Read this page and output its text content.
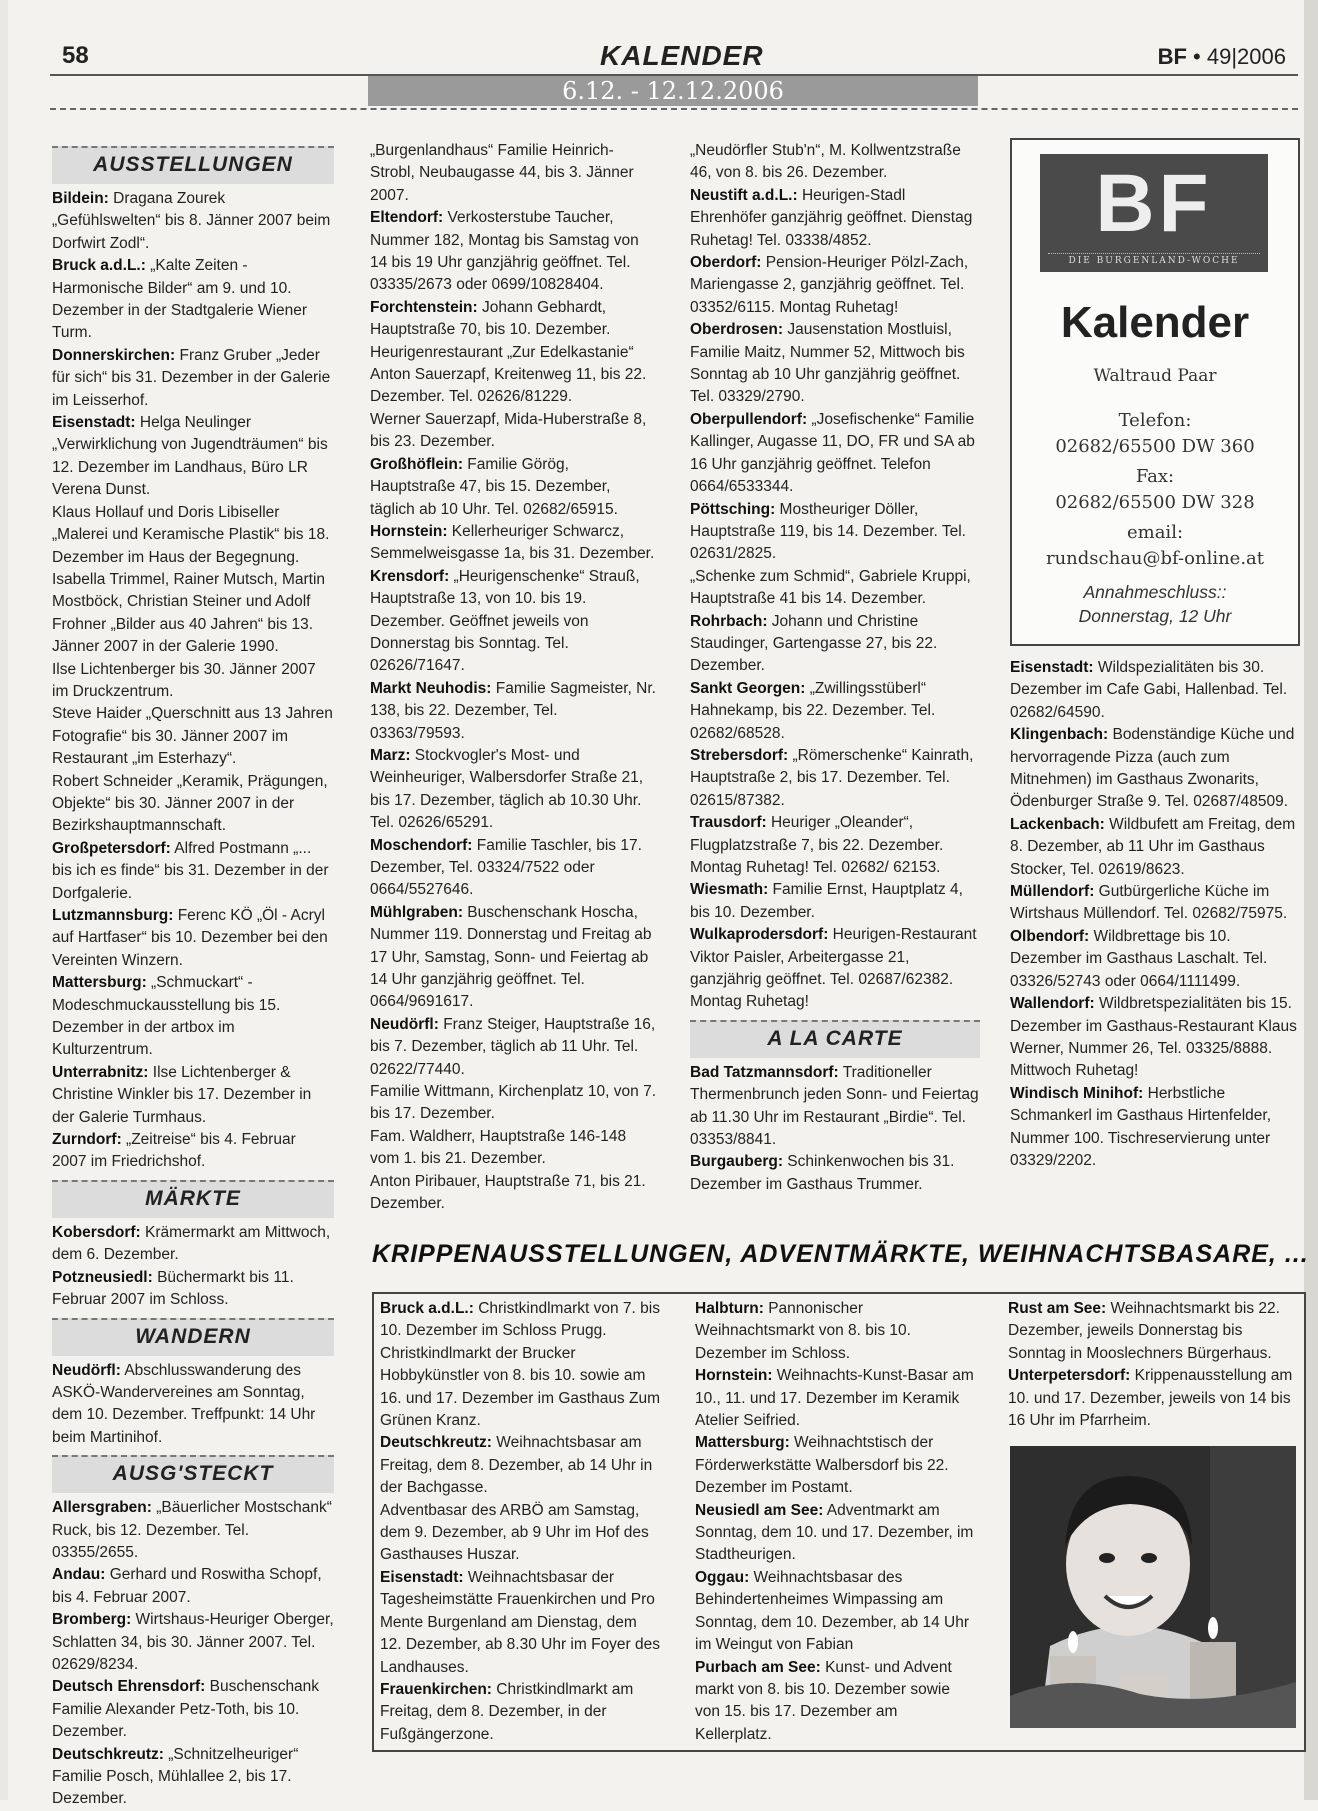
58	KALENDER	BF • 49|2006
6.12. - 12.12.2006
AUSSTELLUNGEN

Bildein: Dragana Zourek „Gefühlswelten“ bis 8. Jänner 2007 beim Dorfwirt Zodl“.

Bruck a.d.L.: „Kalte Zeiten - Harmonische Bilder“ am 9. und 10. Dezember in der Stadtgalerie Wiener Turm.

Donnerskirchen: Franz Gruber „Jeder für sich“ bis 31. Dezember in der Galerie im Leisserhof.

Eisenstadt: Helga Neulinger „Verwirklichung von Jugendträumen“ bis 12. Dezember im Landhaus, Büro LR Verena Dunst.

Klaus Hollauf und Doris Libiseller „Malerei und Keramische Plastik“ bis 18. Dezember im Haus der Begegnung.

Isabella Trimmel, Rainer Mutsch, Martin Mostböck, Christian Steiner und Adolf Frohner „Bilder aus 40 Jahren“ bis 13. Jänner 2007 in der Galerie 1990.

Ilse Lichtenberger bis 30. Jänner 2007 im Druckzentrum.

Steve Haider „Querschnitt aus 13 Jahren Fotografie“ bis 30. Jänner 2007 im Restaurant „im Esterhazy“.

Robert Schneider „Keramik, Prägungen, Objekte“ bis 30. Jänner 2007 in der Bezirkshauptmannschaft.

Großpetersdorf: Alfred Postmann „... bis ich es finde“ bis 31. Dezember in der Dorfgalerie.

Lutzmannsburg: Ferenc KÖ „Öl - Acryl auf Hartfaser“ bis 10. Dezember bei den Vereinten Winzern.

Mattersburg: „Schmuckart“ - Modeschmuckausstellung bis 15. Dezember in der artbox im Kulturzentrum.

Unterrabnitz: Ilse Lichtenberger & Christine Winkler bis 17. Dezember in der Galerie Turmhaus.

Zurndorf: „Zeitreise“ bis 4. Februar 2007 im Friedrichshof.

MÄRKTE

Kobersdorf: Krämermarkt am Mittwoch, dem 6. Dezember.

Potzneusiedl: Büchermarkt bis 11. Februar 2007 im Schloss.

WANDERN

Neudörfl: Abschlusswanderung des ASKÖ-Wandervereines am Sonntag, dem 10. Dezember. Treffpunkt: 14 Uhr beim Martinihof.

AUSG'STECKT

Allersgraben: „Bäuerlicher Mostschank“ Ruck, bis 12. Dezember. Tel. 03355/2655.

Andau: Gerhard und Roswitha Schopf, bis 4. Februar 2007.

Bromberg: Wirtshaus-Heuriger Oberger, Schlatten 34, bis 30. Jänner 2007. Tel. 02629/8234.

Deutsch Ehrensdorf: Buschenschank Familie Alexander Petz-Toth, bis 10. Dezember.

Deutschkreutz: „Schnitzelheuriger“ Familie Posch, Mühlallee 2, bis 17. Dezember.

„Burgenlandhaus“ Familie Heinrich-Strobl, Neubaugasse 44, bis 3. Jänner 2007.

Eltendorf: Verkosterstube Taucher, Nummer 182, Montag bis Samstag von 14 bis 19 Uhr ganzjährig geöffnet. Tel. 03335/2673 oder 0699/10828404.

Forchtenstein: Johann Gebhardt, Hauptstraße 70, bis 10. Dezember.

Heurigenrestaurant „Zur Edelkastanie“ Anton Sauerzapf, Kreitenweg 11, bis 22. Dezember. Tel. 02626/81229.

Werner Sauerzapf, Mida-Huberstraße 8, bis 23. Dezember.

Großhöflein: Familie Görög, Hauptstraße 47, bis 15. Dezember, täglich ab 10 Uhr. Tel. 02682/65915.

Hornstein: Kellerheuriger Schwarcz, Semmelweisgasse 1a, bis 31. Dezember.

Krensdorf: „Heurigenschenke“ Strauß, Hauptstraße 13, von 10. bis 19. Dezember. Geöffnet jeweils von Donnerstag bis Sonntag. Tel. 02626/71647.

Markt Neuhodis: Familie Sagmeister, Nr. 138, bis 22. Dezember, Tel. 03363/79593.

Marz: Stockvogler's Most- und Weinheuriger, Walbersdorfer Straße 21, bis 17. Dezember, täglich ab 10.30 Uhr. Tel. 02626/65291.

Moschendorf: Familie Taschler, bis 17. Dezember, Tel. 03324/7522 oder 0664/5527646.

Mühlgraben: Buschenschank Hoscha, Nummer 119. Donnerstag und Freitag ab 17 Uhr, Samstag, Sonn- und Feiertag ab 14 Uhr ganzjährig geöffnet. Tel. 0664/9691617.

Neudörfl: Franz Steiger, Hauptstraße 16, bis 7. Dezember, täglich ab 11 Uhr. Tel. 02622/77440.

Familie Wittmann, Kirchenplatz 10, von 7. bis 17. Dezember.

Fam. Waldherr, Hauptstraße 146-148 vom 1. bis 21. Dezember.

Anton Piribauer, Hauptstraße 71, bis 21. Dezember.

„Neudörfler Stub'n“, M. Kollwentzstraße 46, von 8. bis 26. Dezember.

Neustift a.d.L.: Heurigen-Stadl Ehrenhöfer ganzjährig geöffnet. Dienstag Ruhetag! Tel. 03338/4852.

Oberdorf: Pension-Heuriger Pölzl-Zach, Mariengasse 2, ganzjährig geöffnet. Tel. 03352/6115. Montag Ruhetag!

Oberdrosen: Jausenstation Mostluisl, Familie Maitz, Nummer 52, Mittwoch bis Sonntag ab 10 Uhr ganzjährig geöffnet. Tel. 03329/2790.

Oberpullendorf: „Josefischenke“ Familie Kallinger, Augasse 11, DO, FR und SA ab 16 Uhr ganzjährig geöffnet. Telefon 0664/6533344.

Pöttsching: Mostheuriger Döller, Hauptstraße 119, bis 14. Dezember. Tel. 02631/2825.

„Schenke zum Schmid“, Gabriele Kruppi, Hauptstraße 41 bis 14. Dezember.

Rohrbach: Johann und Christine Staudinger, Gartengasse 27, bis 22. Dezember.

Sankt Georgen: „Zwillingsstüberl“ Hahnekamp, bis 22. Dezember. Tel. 02682/68528.

Strebersdorf: „Römerschenke“ Kainrath, Hauptstraße 2, bis 17. Dezember. Tel. 02615/87382.

Trausdorf: Heuriger „Oleander“, Flugplatzstraße 7, bis 22. Dezember. Montag Ruhetag! Tel. 02682/ 62153.

Wiesmath: Familie Ernst, Hauptplatz 4, bis 10. Dezember.

Wulkaprodersdorf: Heurigen-Restaurant Viktor Paisler, Arbeitergasse 21, ganzjährig geöffnet. Tel. 02687/62382. Montag Ruhetag!

A LA CARTE

Bad Tatzmannsdorf: Traditioneller Thermenbrunch jeden Sonn- und Feiertag ab 11.30 Uhr im Restaurant „Birdie“. Tel. 03353/8841.

Burgauberg: Schinkenwochen bis 31. Dezember im Gasthaus Trummer.

BF
DIE BURGENLAND-WOCHE
Kalender
Waltraud Paar
Telefon:
02682/65500 DW 360
Fax:
02682/65500 DW 328
email:
rundschau@bf-online.at
Annahmeschluss::
Donnerstag, 12 Uhr

Eisenstadt: Wildspezialitäten bis 30. Dezember im Cafe Gabi, Hallenbad. Tel. 02682/64590.

Klingenbach: Bodenständige Küche und hervorragende Pizza (auch zum Mitnehmen) im Gasthaus Zwonarits, Ödenburger Straße 9. Tel. 02687/48509.

Lackenbach: Wildbufett am Freitag, dem 8. Dezember, ab 11 Uhr im Gasthaus Stocker, Tel. 02619/8623.

Müllendorf: Gutbürgerliche Küche im Wirtshaus Müllendorf. Tel. 02682/75975.

Olbendorf: Wildbrettage bis 10. Dezember im Gasthaus Laschalt. Tel. 03326/52743 oder 0664/1111499.

Wallendorf: Wildbretspezialitäten bis 15. Dezember im Gasthaus-Restaurant Klaus Werner, Nummer 26, Tel. 03325/8888. Mittwoch Ruhetag!

Windisch Minihof: Herbstliche Schmankerl im Gasthaus Hirtenfelder, Nummer 100. Tischreservierung unter 03329/2202.

KRIPPENAUSSTELLUNGEN, ADVENTMÄRKTE, WEIHNACHTSBASARE, ...

Bruck a.d.L.: Christkindlmarkt von 7. bis 10. Dezember im Schloss Prugg.

Christkindlmarkt der Brucker Hobbykünstler von 8. bis 10. sowie am 16. und 17. Dezember im Gasthaus Zum Grünen Kranz.

Deutschkreutz: Weihnachtsbasar am Freitag, dem 8. Dezember, ab 14 Uhr in der Bachgasse.

Adventbasar des ARBÖ am Samstag, dem 9. Dezember, ab 9 Uhr im Hof des Gasthauses Huszar.

Eisenstadt: Weihnachtsbasar der Tagesheimstätte Frauenkirchen und Pro Mente Burgenland am Dienstag, dem 12. Dezember, ab 8.30 Uhr im Foyer des Landhauses.

Frauenkirchen: Christkindlmarkt am Freitag, dem 8. Dezember, in der Fußgängerzone.

Halbturn: Pannonischer Weihnachtsmarkt von 8. bis 10. Dezember im Schloss.

Hornstein: Weihnachts-Kunst-Basar am 10., 11. und 17. Dezember im Keramik Atelier Seifried.

Mattersburg: Weihnachtstisch der Förderwerkstätte Walbersdorf bis 22. Dezember im Postamt.

Neusiedl am See: Adventmarkt am Sonntag, dem 10. und 17. Dezember, im Stadtheurigen.

Oggau: Weihnachtsbasar des Behindertenheimes Wimpassing am Sonntag, dem 10. Dezember, ab 14 Uhr im Weingut von Fabian

Purbach am See: Kunst- und Advent markt von 8. bis 10. Dezember sowie von 15. bis 17. Dezember am Kellerplatz.

Rust am See: Weihnachtsmarkt bis 22. Dezember, jeweils Donnerstag bis Sonntag in Mooslechners Bürgerhaus.

Unterpetersdorf: Krippenausstellung am 10. und 17. Dezember, jeweils von 14 bis 16 Uhr im Pfarrheim.
